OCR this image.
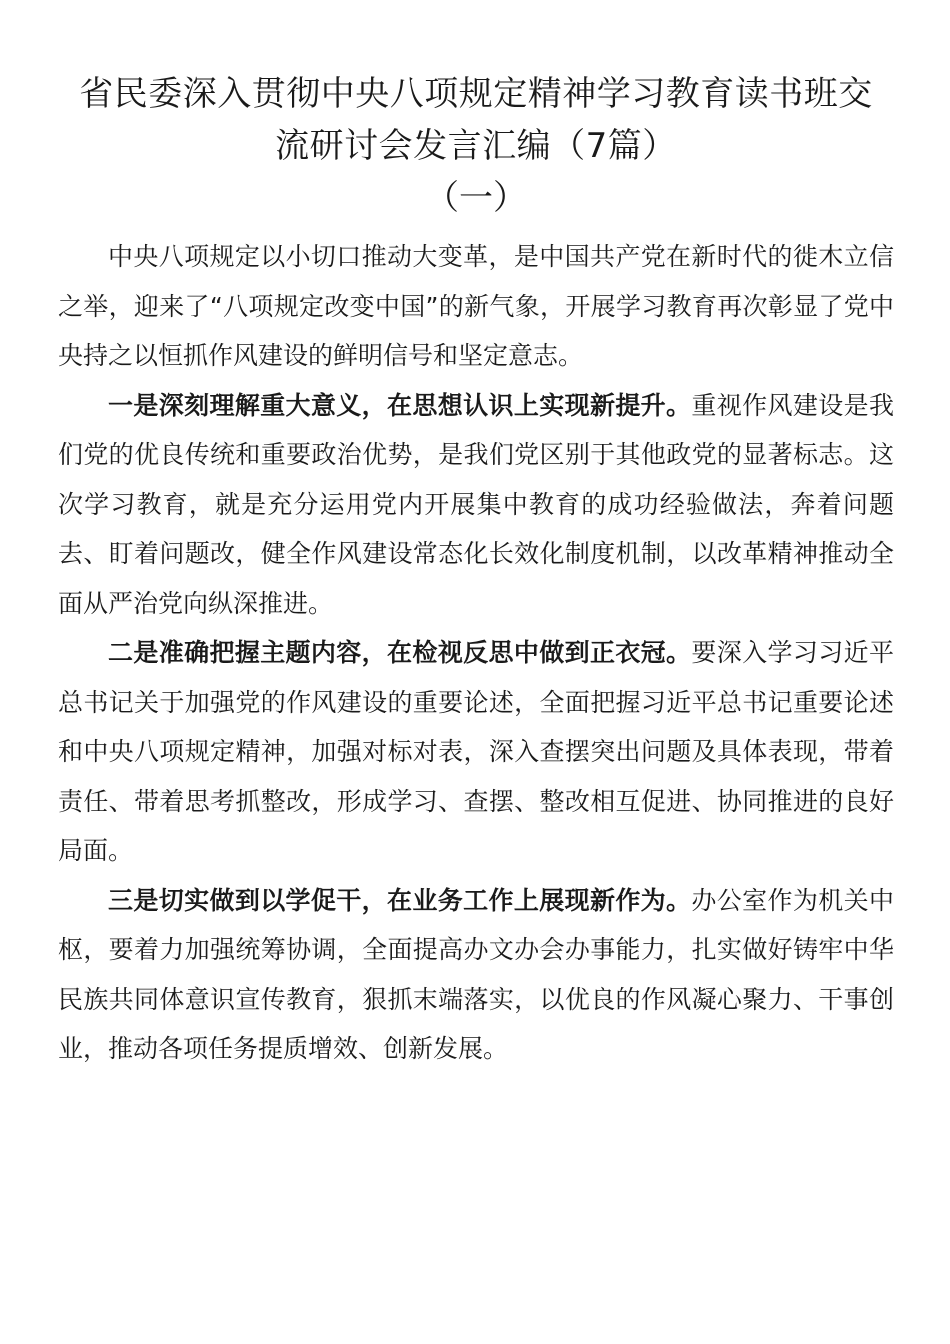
省民委深入贯彻中央八项规定精神学习教育读书班交流研讨会发言汇编（7篇）
（一）

中央八项规定以小切口推动大变革，是中国共产党在新时代的徙木立信之举，迎来了“八项规定改变中国”的新气象，开展学习教育再次彰显了党中央持之以恒抓作风建设的鲜明信号和坚定意志。

一是深刻理解重大意义，在思想认识上实现新提升。重视作风建设是我们党的优良传统和重要政治优势，是我们党区别于其他政党的显著标志。这次学习教育，就是充分运用党内开展集中教育的成功经验做法，奔着问题去、盯着问题改，健全作风建设常态化长效化制度机制，以改革精神推动全面从严治党向纵深推进。

二是准确把握主题内容，在检视反思中做到正衣冠。要深入学习习近平总书记关于加强党的作风建设的重要论述，全面把握习近平总书记重要论述和中央八项规定精神，加强对标对表，深入查摆突出问题及具体表现，带着责任、带着思考抓整改，形成学习、查摆、整改相互促进、协同推进的良好局面。

三是切实做到以学促干，在业务工作上展现新作为。办公室作为机关中枢，要着力加强统筹协调，全面提高办文办会办事能力，扎实做好铸牢中华民族共同体意识宣传教育，狠抓末端落实，以优良的作风凝心聚力、干事创业，推动各项任务提质增效、创新发展。
